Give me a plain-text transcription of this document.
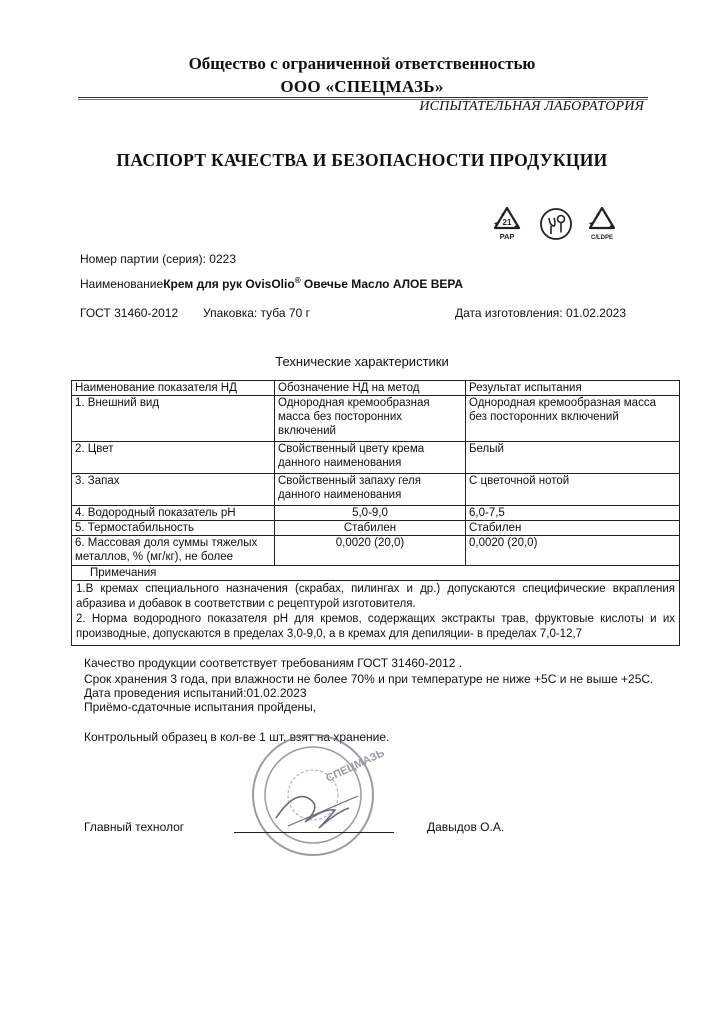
Общество с ограниченной ответственностью
ООО «СПЕЦМАЗЬ»
ИСПЫТАТЕЛЬНАЯ ЛАБОРАТОРИЯ
ПАСПОРТ КАЧЕСТВА И БЕЗОПАСНОСТИ ПРОДУКЦИИ
21
PAP	C/LDPE
Номер партии (серия): 0223
НаименованиеКрем для рук OvisOlio® Овечье Масло АЛОЕ ВЕРА
ГОСТ 31460-2012 Упаковка: туба 70 г	Дата изготовления: 01.02.2023
Технические характеристики
Наименование показателя НД	Обозначение НД на метод	Результат испытания
1. Внешний вид	Однородная кремообразная масса без посторонних включений	Однородная кремообразная масса без посторонних включений
2. Цвет	Свойственный цвету крема данного наименования	Белый
3. Запах	Свойственный запаху геля данного наименования	С цветочной нотой
4. Водородный показатель pH	5,0-9,0	6,0-7,5
5. Термостабильность	Стабилен	Стабилен
6. Массовая доля суммы тяжелых металлов, % (мг/кг), не более	0,0020 (20,0)	0,0020 (20,0)
Примечания		

1.В кремах специального назначения (скрабах, пилингах и др.) допускаются специфические вкрапления абразива и добавок в соответствии с рецептурой изготовителя.
2. Норма водородного показателя pH для кремов, содержащих экстракты трав, фруктовые кислоты и их производные, допускаются в пределах 3,0-9,0, а в кремах для депиляции- в пределах 7,0-12,7		
Качество продукции соответствует требованиям ГОСТ 31460-2012 .
Срок хранения 3 года, при влажности не более 70% и при температуре не ниже +5С и не выше +25С.
Дата проведения испытаний:01.02.2023
Приёмо-сдаточные испытания пройдены,
Контрольный образец в кол-ве 1 шт. взят на хранение.
СПЕЦМАЗЬ
Главный технолог	Давыдов О.А.
